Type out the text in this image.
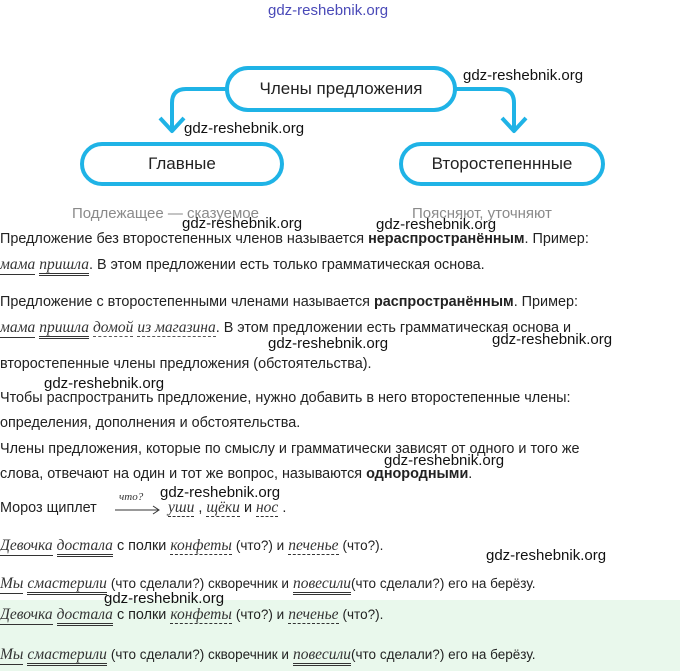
gdz-reshebnik.org
Члены предложения
Главные	Второстепеннные
Подлежащее — сказуемое	Поясняют, уточняют
Предложение без второстепенных членов называется нераспространённым. Пример:
мама пришла. В этом предложении есть только грамматическая основа.
Предложение с второстепенными членами называется распространённым. Пример:
мама пришла домой из магазина. В этом предложении есть грамматическая основа и
второстепенные члены предложения (обстоятельства).
Чтобы распространить предложение, нужно добавить в него второстепенные члены:
определения, дополнения и обстоятельства.
Члены предложения, которые по смыслу и грамматически зависят от одного и того же
слова, отвечают на один и тот же вопрос, называются однородными.
Мороз щиплет
что?
уши , щёки и нос .
Девочка достала с полки конфеты (что?) и печенье (что?).
Мы смастерили (что сделали?) скворечник и повесили(что сделали?) его на берёзу.
Девочка достала с полки конфеты (что?) и печенье (что?).
Мы смастерили (что сделали?) скворечник и повесили(что сделали?) его на берёзу.
gdz-reshebnik.org
gdz-reshebnik.org
gdz-reshebnik.org	gdz-reshebnik.org
gdz-reshebnik.org	gdz-reshebnik.org
gdz-reshebnik.org
gdz-reshebnik.org
gdz-reshebnik.org
gdz-reshebnik.org
gdz-reshebnik.org
